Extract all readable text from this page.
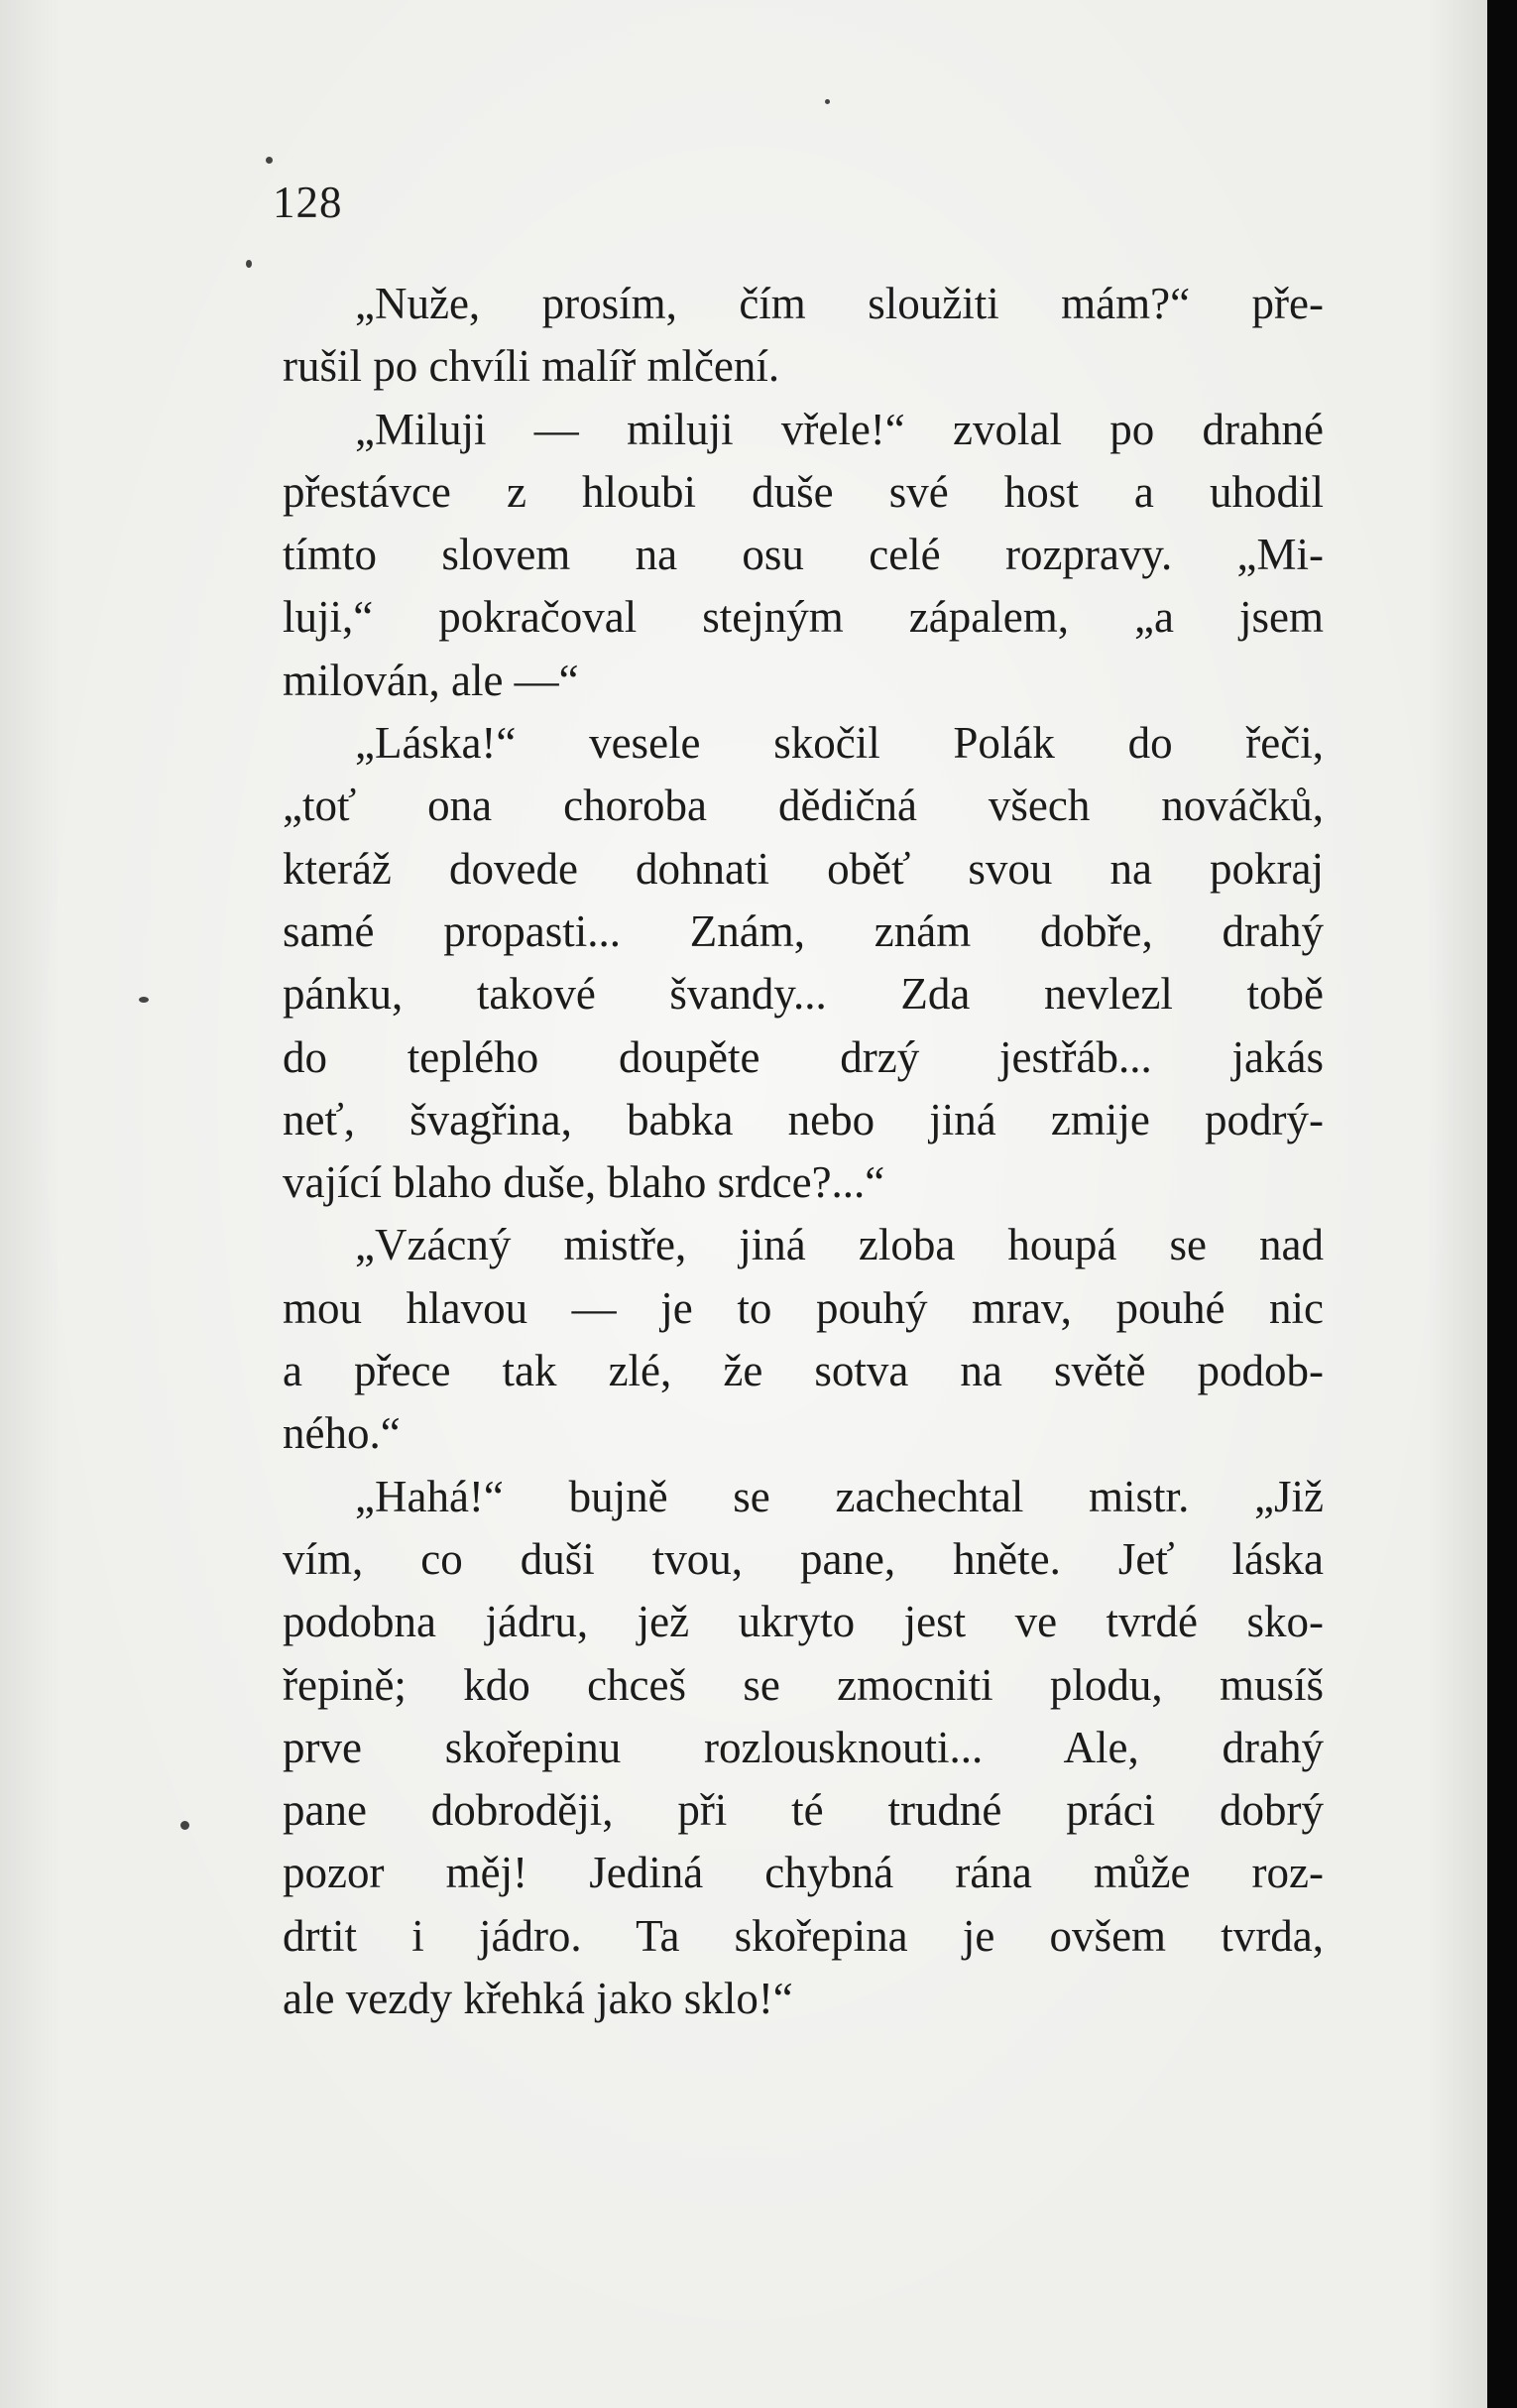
128
„Nuže, prosím, čím sloužiti mám?“ pře-
rušil po chvíli malíř mlčení.
„Miluji — miluji vřele!“ zvolal po drahné
přestávce z hloubi duše své host a uhodil
tímto slovem na osu celé rozpravy. „Mi-
luji,“ pokračoval stejným zápalem, „a jsem
milován, ale —“
„Láska!“ vesele skočil Polák do řeči,
„toť ona choroba dědičná všech nováčků,
kteráž dovede dohnati oběť svou na pokraj
samé propasti... Znám, znám dobře, drahý
pánku, takové švandy... Zda nevlezl tobě
do teplého doupěte drzý jestřáb... jakás
neť, švagřina, babka nebo jiná zmije podrý-
vající blaho duše, blaho srdce?...“
„Vzácný mistře, jiná zloba houpá se nad
mou hlavou — je to pouhý mrav, pouhé nic
a přece tak zlé, že sotva na světě podob-
ného.“
„Hahá!“ bujně se zachechtal mistr. „Již
vím, co duši tvou, pane, hněte. Jeť láska
podobna jádru, jež ukryto jest ve tvrdé sko-
řepině; kdo chceš se zmocniti plodu, musíš
prve skořepinu rozlousknouti... Ale, drahý
pane dobroději, při té trudné práci dobrý
pozor měj! Jediná chybná rána může roz-
drtit i jádro. Ta skořepina je ovšem tvrda,
ale vezdy křehká jako sklo!“
